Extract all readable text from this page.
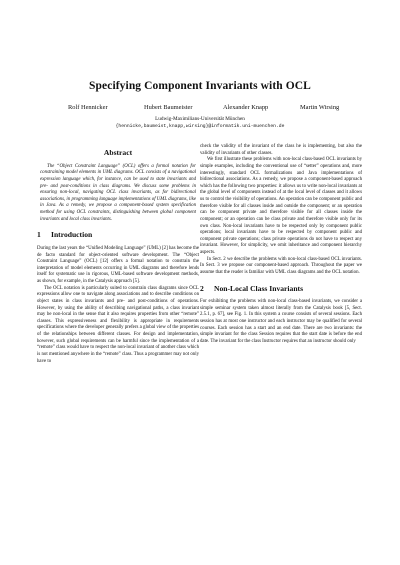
Specifying Component Invariants with OCL
Rolf Hennicker	Hubert Baumeister	Alexander Knapp	Martin Wirsing
Ludwig-Maximilians-Universität München
{hennicke,baumeist,knapp,wirsing}@informatik.uni-muenchen.de
Abstract

The “Object Constraint Language” (OCL) offers a formal notation for constraining model elements in UML diagrams. OCL consists of a navigational expression language which, for instance, can be used to state invariants and pre- and post-conditions in class diagrams. We discuss some problems in ensuring non-local, navigating OCL class invariants, as for bidirectional associations, in programming language implementations of UML diagrams, like in Java. As a remedy, we propose a component-based system specification method for using OCL constraints, distinguishing between global component invariants and local class invariants.

1 Introduction

During the last years the “Unified Modeling Language” (UML) [2] has become the de facto standard for object-oriented software development. The “Object Constraint Language” (OCL) [12] offers a formal notation to constrain the interpretation of model elements occurring in UML diagrams and therefore lends itself for systematic use in rigorous, UML-based software development methods, as shown, for example, in the Catalysis approach [5].

The OCL notation is particularly suited to constrain class diagrams since OCL expressions allow one to navigate along associations and to describe conditions on object states in class invariants and pre- and post-conditions of operations. However, by using the ability of describing navigational paths, a class invariant may be non-local in the sense that it also requires properties from other “remote” classes. This expressiveness and flexibility is appropriate in requirements specifications where the developer generally prefers a global view of the properties of the relationships between different classes. For design and implementation, however, such global requirements can be harmful since the implementation of a “remote” class would have to respect the non-local invariant of another class which is not mentioned anywhere in the “remote” class. Thus a programmer may not only have to

check the validity of the invariant of the class he is implementing, but also the validity of invariants of other classes.

We first illustrate these problems with non-local class-based OCL invariants by simple examples, including the conventional use of “setter” operations and, more interestingly, standard OCL formalizations and Java implementations of bidirectional associations. As a remedy, we propose a component-based approach which has the following two properties: it allows us to write non-local invariants at the global level of components instead of at the local level of classes and it allows us to control the visibility of operations. An operation can be component public and therefore visible for all classes inside and outside the component; or an operation can be component private and therefore visible for all classes inside the component; or an operation can be class private and therefore visible only for its own class. Non-local invariants have to be respected only by component public operations; local invariants have to be respected by component public and component private operations; class private operations do not have to respect any invariant. However, for simplicity, we omit inheritance and component hierarchy aspects.

In Sect. 2 we describe the problems with non-local class-based OCL invariants. In Sect. 3 we propose our component-based approach. Throughout the paper we assume that the reader is familiar with UML class diagrams and the OCL notation.

2 Non-Local Class Invariants

For exhibiting the problems with non-local class-based invariants, we consider a simple seminar system taken almost literally from the Catalysis book [5, Sect. 2.5.1, p. 67], see Fig. 1. In this system a course consists of several sessions. Each session has at most one instructor and each instructor may be qualified for several courses. Each session has a start and an end date. There are two invariants: the simple invariant for the class Session requires that the start date is before the end date. The invariant for the class Instructor requires that an instructor should only
